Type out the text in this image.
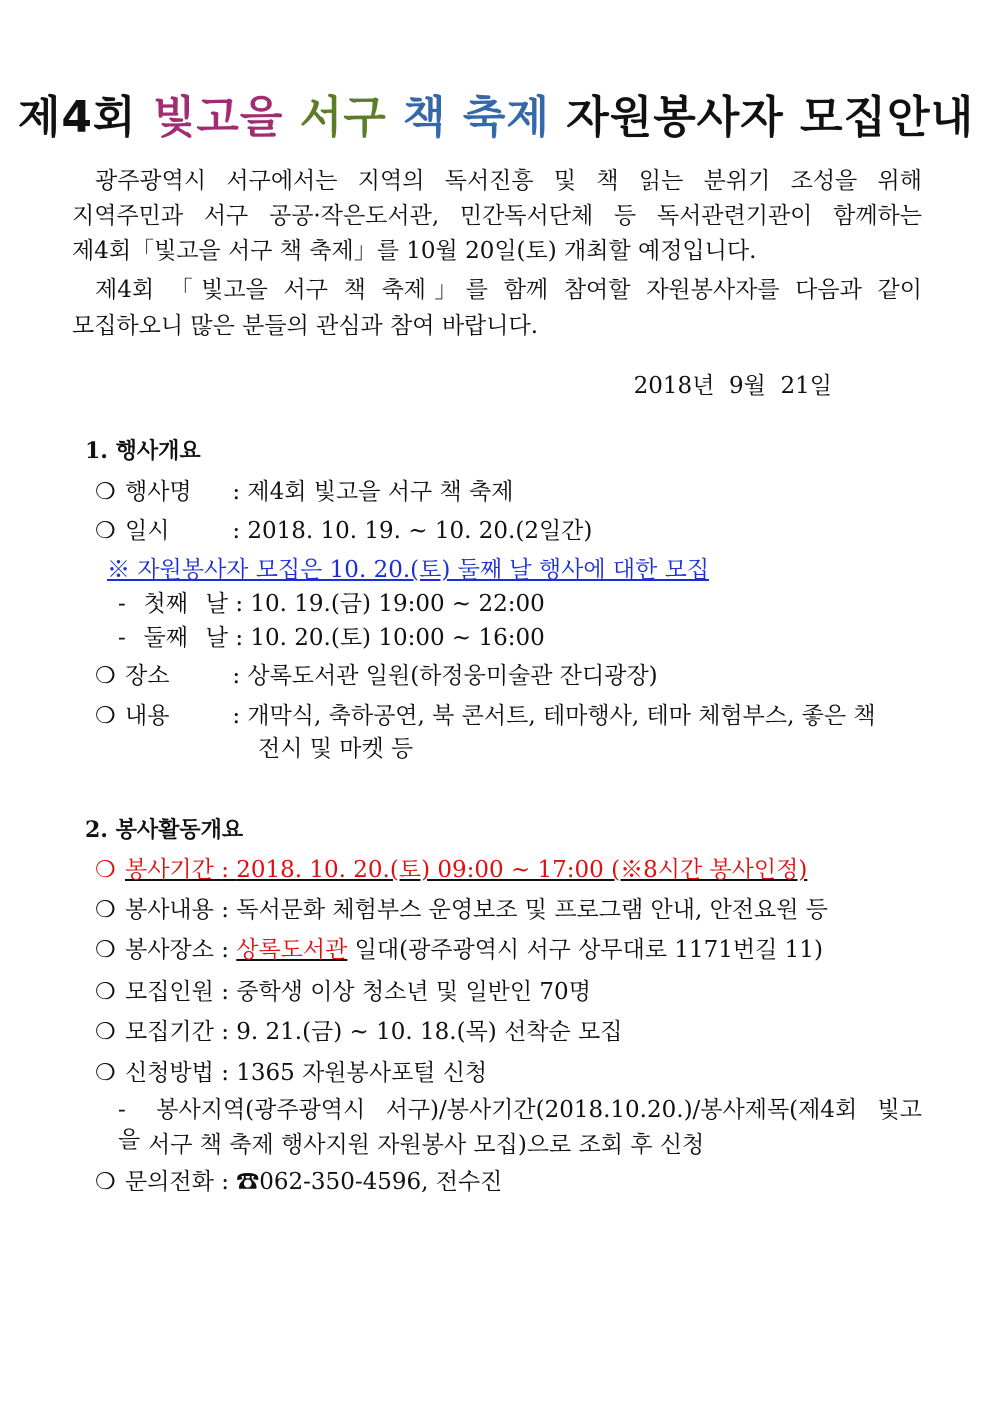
제4회 빛고을 서구 책 축제 자원봉사자 모집안내
광주광역시 서구에서는 지역의 독서진흥 및 책 읽는 분위기 조성을 위해
지역주민과 서구 공공·작은도서관, 민간독서단체 등 독서관련기관이 함께하는
제4회「빛고을 서구 책 축제」를 10월 20일(토) 개최할 예정입니다.
제4회 「빛고을 서구 책 축제」를 함께 참여할 자원봉사자를 다음과 같이
모집하오니 많은 분들의 관심과 참여 바랍니다.
2018년  9월  21일
1. 행사개요
❍ 행사명 : 제4회 빛고을 서구 책 축제
❍ 일시	: 2018. 10. 19. ~ 10. 20.(2일간)
※ 자원봉사자 모집은 10. 20.(토) 둘째 날 행사에 대한 모집
- 첫째 날 : 10. 19.(금) 19:00 ~ 22:00
- 둘째 날 : 10. 20.(토) 10:00 ~ 16:00
❍ 장소	: 상록도서관 일원(하정웅미술관 잔디광장)
❍ 내용	: 개막식, 축하공연, 북 콘서트, 테마행사, 테마 체험부스, 좋은 책
전시 및 마켓 등
2. 봉사활동개요
❍ 봉사기간 : 2018. 10. 20.(토) 09:00 ~ 17:00 (※8시간 봉사인정)
❍ 봉사내용 : 독서문화 체험부스 운영보조 및 프로그램 안내, 안전요원 등
❍ 봉사장소 : 상록도서관 일대(광주광역시 서구 상무대로 1171번길 11)
❍ 모집인원 : 중학생 이상 청소년 및 일반인 70명
❍ 모집기간 : 9. 21.(금) ~ 10. 18.(목) 선착순 모집
❍ 신청방법 : 1365 자원봉사포털 신청
-   봉사지역(광주광역시  서구)/봉사기간(2018.10.20.)/봉사제목(제4회  빛고을 서구 책 축제 행사지원 자원봉사 모집)으로 조회 후 신청
❍ 문의전화 : ☎062-350-4596, 전수진
